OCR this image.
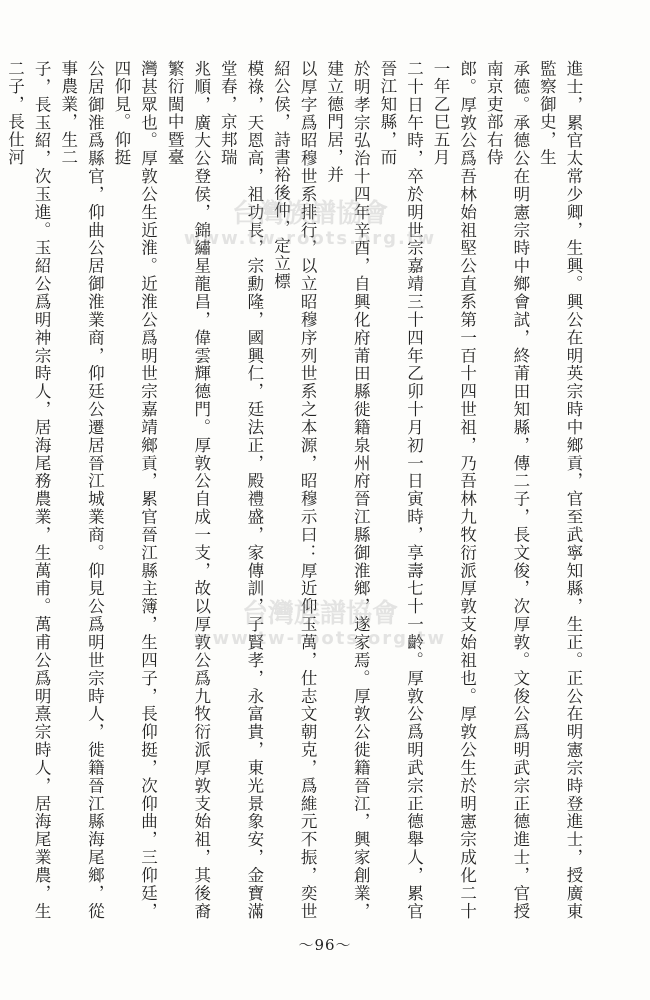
進士，累官太常少卿，生興。興公在明英宗時中鄉貢，官至武寧知縣，生正。正公在明憲宗時登進士，授廣東監察御史，生
承德。承德公在明憲宗時中鄉會試，終莆田知縣，傳二子，長文俊，次厚敦。文俊公爲明武宗正德進士，官授南京吏部右侍
郎。厚敦公爲吾林始祖堅公直系第一百十四世祖，乃吾林九牧衍派厚敦支始祖也。厚敦公生於明憲宗成化二十一年乙巳五月
二十日午時，卒於明世宗嘉靖三十四年乙卯十月初一日寅時，享壽七十一齡。厚敦公爲明武宗正德舉人，累官晉江知縣，而
於明孝宗弘治十四年辛酉，自興化府莆田縣徙籍泉州府晉江縣御淮鄉，遂家焉。厚敦公徙籍晉江，興家創業，建立德門居，并
以厚字爲昭穆世系排行，以立昭穆序列世系之本源，昭穆示曰：厚近仰玉萬，仕志文朝克，爲維元不振，奕世紹公侯，詩書裕後仲，定立標
模祿，天恩高，祖功長，宗勳隆，國興仁，廷法正，殿禮盛，家傳訓，子賢孝，永富貴，東光景象安，金寶滿堂春，京邦瑞
兆順，廣大公登侯，錦繡星龍昌，偉雲輝德門。厚敦公自成一支，故以厚敦公爲九牧衍派厚敦支始祖，其後裔繁衍閩中暨臺
灣甚眾也。厚敦公生近淮。近淮公爲明世宗嘉靖鄉貢，累官晉江縣主簿，生四子，長仰挺，次仰曲，三仰廷，四仰見。仰挺
公居御淮爲縣官，仰曲公居御淮業商，仰廷公遷居晉江城業商。仰見公爲明世宗時人，徙籍晉江縣海尾鄉，從事農業，生二
子，長玉紹，次玉進。玉紹公爲明神宗時人，居海尾務農業，生萬甫。萬甫公爲明熹宗時人，居海尾業農，生二子，長仕河
台灣族譜協會
www.tw-roots.org.tw
台灣族譜協會
www.tw-roots.org.tw
～96～
